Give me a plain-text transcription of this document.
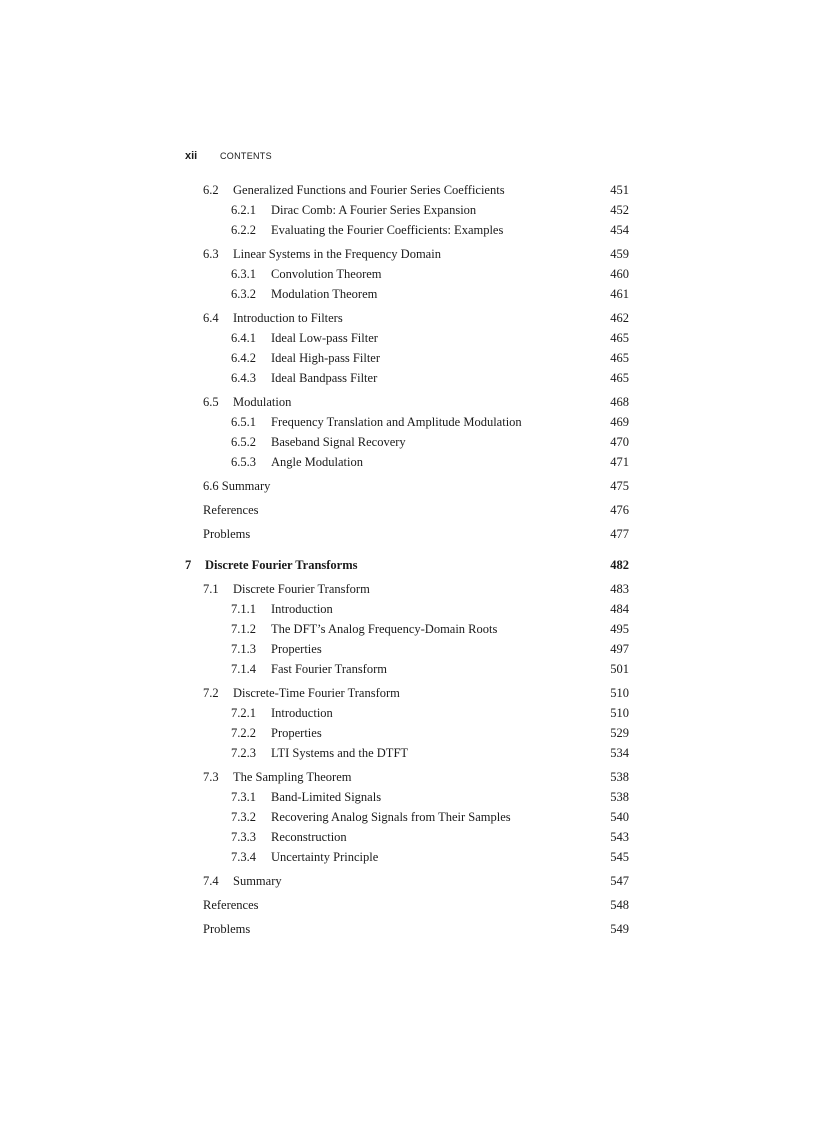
xii	CONTENTS
6.2 Generalized Functions and Fourier Series Coefficients	451
6.2.1 Dirac Comb: A Fourier Series Expansion	452
6.2.2 Evaluating the Fourier Coefficients: Examples	454
6.3 Linear Systems in the Frequency Domain	459
6.3.1 Convolution Theorem	460
6.3.2 Modulation Theorem	461
6.4 Introduction to Filters	462
6.4.1 Ideal Low-pass Filter	465
6.4.2 Ideal High-pass Filter	465
6.4.3 Ideal Bandpass Filter	465
6.5 Modulation	468
6.5.1 Frequency Translation and Amplitude Modulation	469
6.5.2 Baseband Signal Recovery	470
6.5.3 Angle Modulation	471
6.6 Summary	475
References	476
Problems	477
7 Discrete Fourier Transforms	482
7.1 Discrete Fourier Transform	483
7.1.1 Introduction	484
7.1.2 The DFT’s Analog Frequency-Domain Roots	495
7.1.3 Properties	497
7.1.4 Fast Fourier Transform	501
7.2 Discrete-Time Fourier Transform	510
7.2.1 Introduction	510
7.2.2 Properties	529
7.2.3 LTI Systems and the DTFT	534
7.3 The Sampling Theorem	538
7.3.1 Band-Limited Signals	538
7.3.2 Recovering Analog Signals from Their Samples	540
7.3.3 Reconstruction	543
7.3.4 Uncertainty Principle	545
7.4 Summary	547
References	548
Problems	549
